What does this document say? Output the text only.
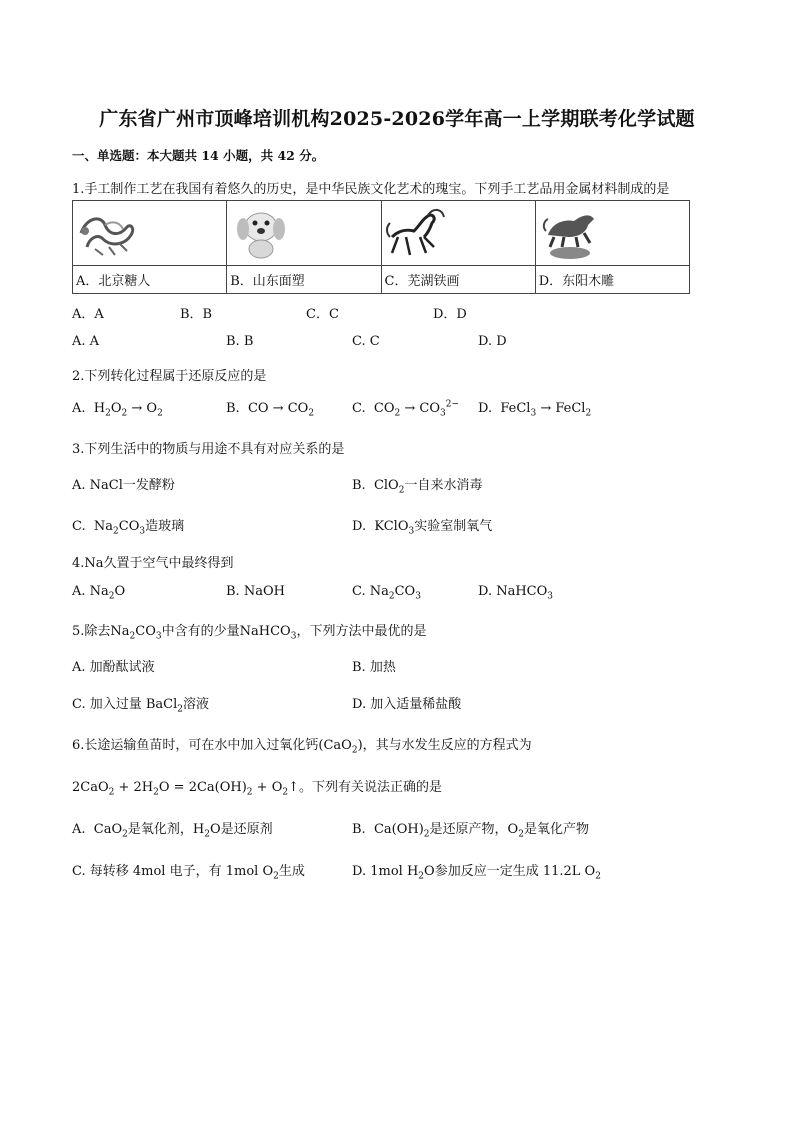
广东省广州市顶峰培训机构2025-2026学年高一上学期联考化学试题
一、单选题：本大题共 14 小题，共 42 分。
1.手工制作工艺在我国有着悠久的历史，是中华民族文化艺术的瑰宝。下列手工艺品用金属材料制成的是

A．北京糖人	B．山东面塑	C．芜湖铁画	D．东阳木雕
A．A	B．B	C．C	D．D
A. A	B. B	C. C	D. D
2.下列转化过程属于还原反应的是
A.  $H_2O_2 \to O_2$	B.  CO → $CO_2$	C.  $CO_2 \to CO_3^{2-}$ D.  FeCl$_3$ → FeCl$_2$
3.下列生活中的物质与用途不具有对应关系的是
A. NaCl一发酵粉	B.  ClO$_2$一自来水消毒
C.  $Na_2CO_3$造玻璃	D.  KClO$_3$实验室制氧气
4.Na久置于空气中最终得到
A. $Na_2O$	B. NaOH	C. $Na_2CO_3$	D. NaHCO$_3$
5.除去$Na_2CO_3$中含有的少量NaHCO$_3$，下列方法中最优的是
A. 加酚酞试液	B. 加热
C. 加入过量 BaCl$_2$溶液	D. 加入适量稀盐酸
6.长途运输鱼苗时，可在水中加入过氧化钙(CaO$_2$)，其与水发生反应的方程式为
$2CaO_2 + 2H_2O = 2Ca(OH)_2$ + $O_2↑$。下列有关说法正确的是
A.  CaO$_2$是氧化剂，$H_2O$是还原剂	B.  $Ca(OH)_2$是还原产物，$O_2$是氧化产物
C. 每转移 4mol 电子，有 1mol $O_2$生成	D. 1mol $H_2O$参加反应一定生成 11.2L $O_2$
